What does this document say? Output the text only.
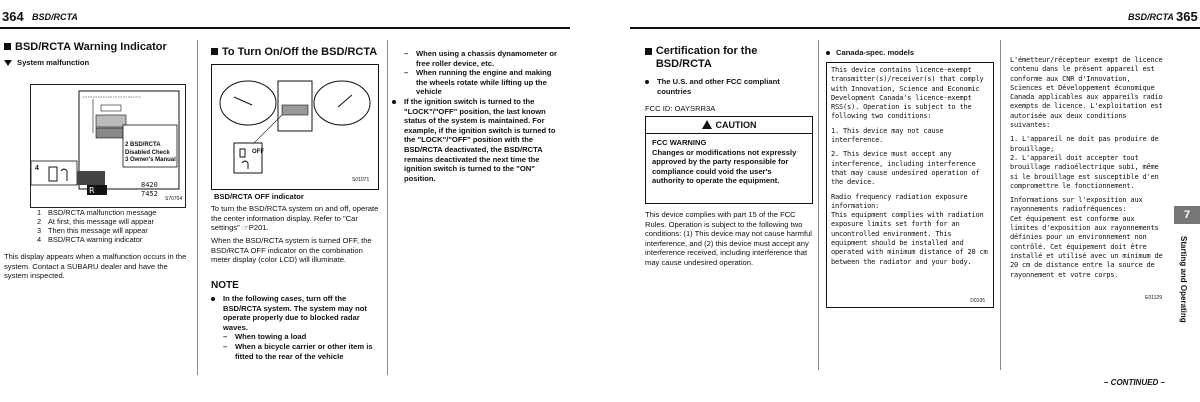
364 BSD/RCTA
BSD/RCTA Warning Indicator
System malfunction
R
2 BSD/RCTA Disabled Check
3 Owner's Manual
4
8420
7452
S70704
1 BSD/RCTA malfunction message
2 At first, this message will appear
3 Then this message will appear
4 BSD/RCTA warning indicator
This display appears when a malfunction occurs in the system. Contact a SUBARU dealer and have the system inspected.
To Turn On/Off the BSD/RCTA
OFF
S01071
BSD/RCTA OFF indicator
To turn the BSD/RCTA system on and off, operate the center information display. Refer to "Car settings" ☞P201.
When the BSD/RCTA system is turned OFF, the BSD/RCTA OFF indicator on the combination meter display (color LCD) will illuminate.
NOTE
In the following cases, turn off the BSD/RCTA system. The system may not operate properly due to blocked radar waves.
–	When towing a load
–	When a bicycle carrier or other item is fitted to the rear of the vehicle
–	When using a chassis dynamometer or free roller device, etc.
–	When running the engine and making the wheels rotate while lifting up the vehicle
If the ignition switch is turned to the "LOCK"/"OFF" position, the last known status of the system is maintained. For example, if the ignition switch is turned to the "LOCK"/"OFF" position with the BSD/RCTA deactivated, the BSD/RCTA remains deactivated the next time the ignition switch is turned to the "ON" position.
BSD/RCTA 365
Certification for the BSD/RCTA
The U.S. and other FCC compliant countries
FCC ID: OAYSRR3A
CAUTION
FCC WARNING
Changes or modifications not expressly approved by the party responsible for compliance could void the user's authority to operate the equipment.
This device complies with part 15 of the FCC Rules. Operation is subject to the following two conditions: (1) This device may not cause harmful interference, and (2) this device must accept any interference received, including interference that may cause undesired operation.
Canada-spec. models
This device contains licence-exempt transmitter(s)/receiver(s) that comply with Innovation, Science and Economic Development Canada's licence-exempt RSS(s). Operation is subject to the following two conditions:
1. This device may not cause interference.
2. This device must accept any interference, including interference that may cause undesired operation of the device.
Radio frequency radiation exposure information:
This equipment complies with radiation exposure limits set forth for an uncontrolled environment. This equipment should be installed and operated with minimum distance of 20 cm between the radiator and your body.
D0105
L'émetteur/récepteur exempt de licence contenu dans le présent appareil est conforme aux CNR d'Innovation, Sciences et Développement économique Canada applicables aux appareils radio exempts de licence. L'exploitation est autorisée aux deux conditions suivantes:
1. L'appareil ne doit pas produire de brouillage;
2. L'appareil doit accepter tout brouillage radioélectrique subi, même si le brouillage est susceptible d'en compromettre le fonctionnement.
Informations sur l'exposition aux rayonnements radiofréquences:
Cet équipement est conforme aux limites d'exposition aux rayonnements définies pour un environnement non contrôlé. Cet équipement doit être installé et utilisé avec un minimum de 20 cm de distance entre la source de rayonnement et votre corps.
E01129
7
Starting and Operating
– CONTINUED –
